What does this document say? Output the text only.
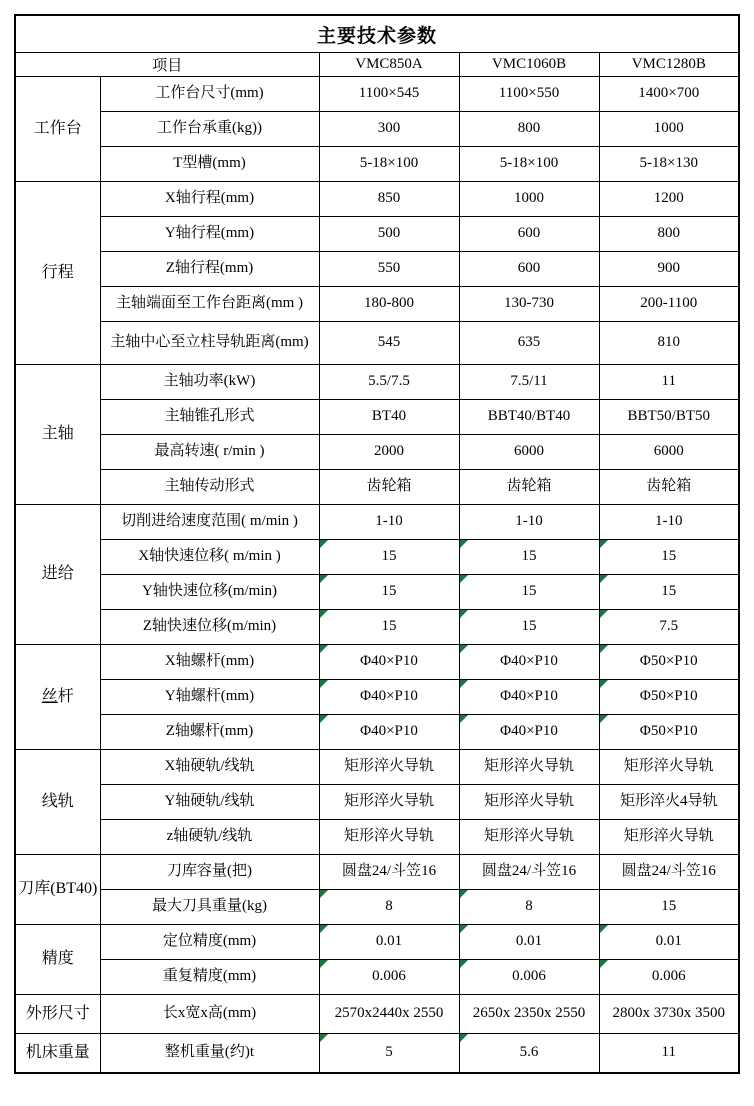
主要技术参数				
项目		VMC850A	VMC1060B	VMC1280B
工作台	工作台尺寸(mm)	1100×545	1100×550	1400×700
	工作台承重(kg))	300	800	1000
	T型槽(mm)	5-18×100	5-18×100	5-18×130
行程	X轴行程(mm)	850	1000	1200
	Y轴行程(mm)	500	600	800
	Z轴行程(mm)	550	600	900
	主轴端面至工作台距离(mm )	180-800	130-730	200-1100
	主轴中心至立柱导轨距离(mm)	545	635	810
主轴	主轴功率(kW)	5.5/7.5	7.5/11	11
	主轴锥孔形式	BT40	BBT40/BT40	BBT50/BT50
	最高转速( r/min )	2000	6000	6000
	主轴传动形式	齿轮箱	齿轮箱	齿轮箱
进给	切削进给速度范围( m/min )	1-10	1-10	1-10
	X轴快速位移( m/min )	15	15	15

	Y轴快速位移(m/min)	15	15	15

	Z轴快速位移(m/min)	15	15	7.5

丝杆	X轴螺杆(mm)	Φ40×P10	Φ40×P10	Φ50×P10

	Y轴螺杆(mm)	Φ40×P10	Φ40×P10	Φ50×P10

	Z轴螺杆(mm)	Φ40×P10	Φ40×P10	Φ50×P10

线轨	X轴硬轨/线轨	矩形淬火导轨	矩形淬火导轨	矩形淬火导轨
	Y轴硬轨/线轨	矩形淬火导轨	矩形淬火导轨	矩形淬火4导轨
	z轴硬轨/线轨	矩形淬火导轨	矩形淬火导轨	矩形淬火导轨
刀库(BT40)	刀库容量(把)	圆盘24/斗笠16	圆盘24/斗笠16	圆盘24/斗笠16
	最大刀具重量(kg)	8	8	15
精度	定位精度(mm)	0.01	0.01	0.01

	重复精度(mm)	0.006	0.006	0.006

外形尺寸	长x宽x高(mm)	2570x2440x 2550	2650x 2350x 2550	2800x 3730x 3500
机床重量	整机重量(约)t	5	5.6	11
